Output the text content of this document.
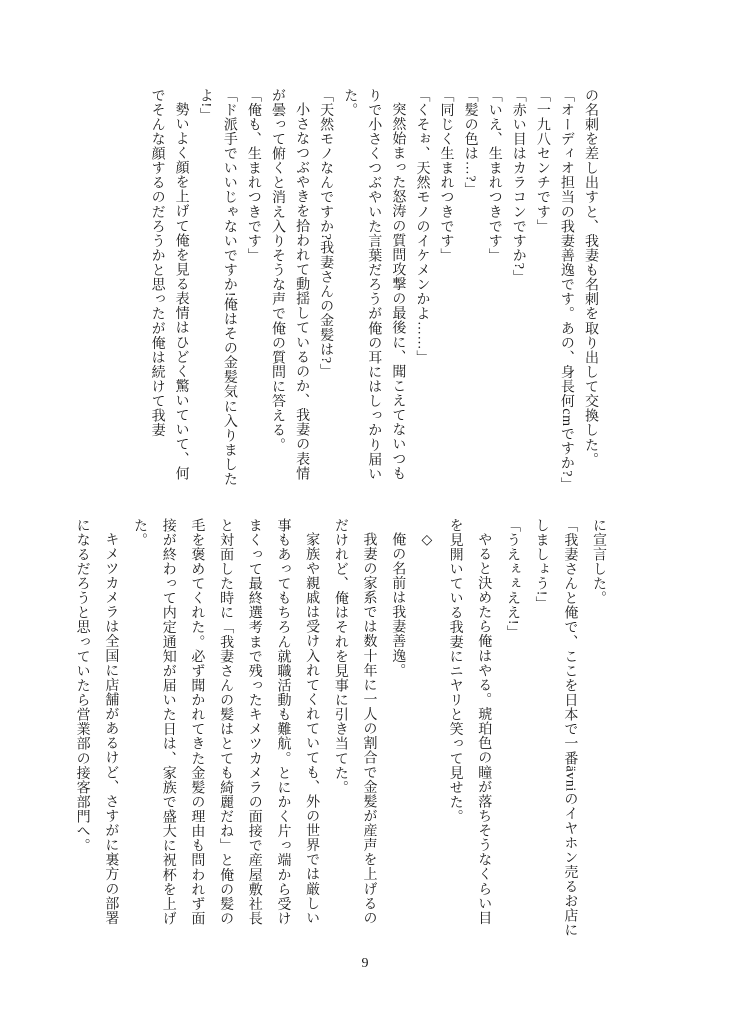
の名刺を差し出すと、我妻も名刺を取り出して交換した。

「オーディオ担当の我妻善逸です。あの、身長何cmですか?」

「一九八センチです」

「赤い目はカラコンですか?」

「いえ、生まれつきです」

「髪の色は…?」

「同じく生まれつきです」

「くそぉ、天然モノのイケメンかよ……」

突然始まった怒涛の質問攻撃の最後に、聞こえてないつもりで小さくつぶやいた言葉だろうが俺の耳にはしっかり届いた。

「天然モノなんですか?我妻さんの金髪は?」

小さなつぶやきを拾われて動揺しているのか、我妻の表情が曇って俯くと消え入りそうな声で俺の質問に答える。

「俺も、生まれつきです」

「ド派手でいいじゃないですか!俺はその金髪気に入りましたよ!」

勢いよく顔を上げて俺を見る表情はひどく驚いていて、何でそんな顔するのだろうかと思ったが俺は続けて我妻

に宣言した。

「我妻さんと俺で、ここを日本で一番ävniのイヤホン売るお店にしましょう!」

「うえぇぇええ!」

やると決めたら俺はやる。琥珀色の瞳が落ちそうなくらい目を見開いている我妻にニヤリと笑って見せた。

◇

俺の名前は我妻善逸。

我妻の家系では数十年に一人の割合で金髪が産声を上げるのだけれど、俺はそれを見事に引き当てた。

家族や親戚は受け入れてくれていても、外の世界では厳しい事もあってもちろん就職活動も難航。とにかく片っ端から受けまくって最終選考まで残ったキメツカメラの面接で産屋敷社長と対面した時に「我妻さんの髪はとても綺麗だね」と俺の髪の毛を褒めてくれた。必ず聞かれてきた金髪の理由も問われず面接が終わって内定通知が届いた日は、家族で盛大に祝杯を上げた。

キメツカメラは全国に店舗があるけど、さすがに裏方の部署になるだろうと思っていたら営業部の接客部門へ。

9
